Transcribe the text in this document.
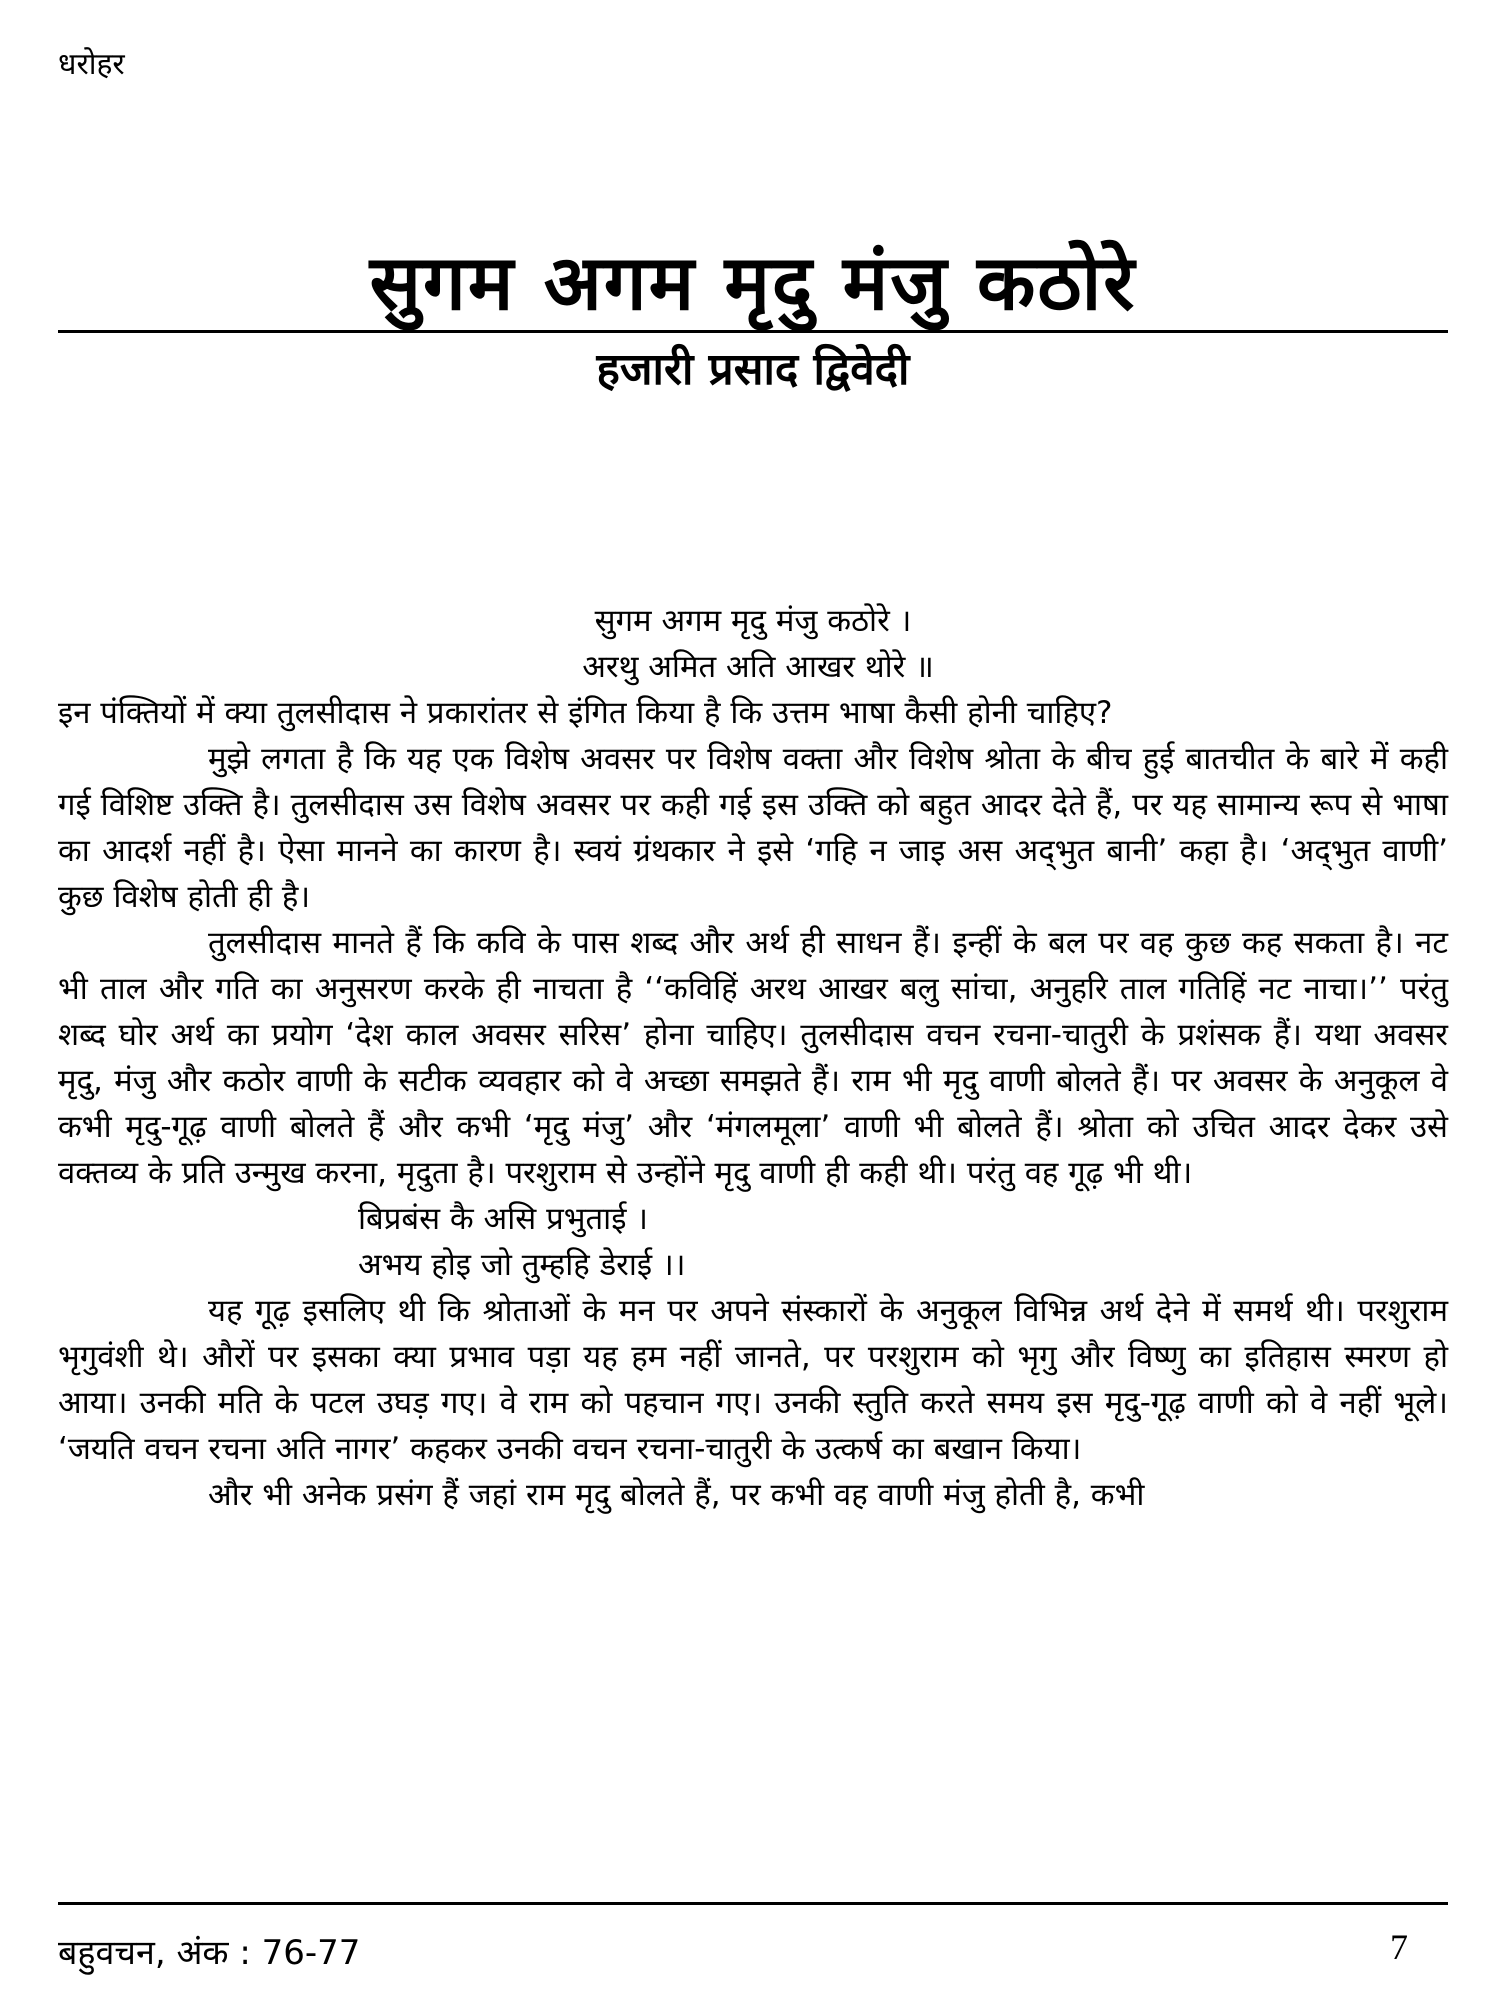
धरोहर
सुगम अगम मृदु मंजु कठोरे
हजारी प्रसाद द्विवेदी
सुगम अगम मृदु मंजु कठोरे ।
अरथु अमित अति आखर थोरे ॥

इन पंक्तियों में क्या तुलसीदास ने प्रकारांतर से इंगित किया है कि उत्तम भाषा कैसी होनी चाहिए?

मुझे लगता है कि यह एक विशेष अवसर पर विशेष वक्ता और विशेष श्रोता के बीच हुई बातचीत के बारे में कही गई विशिष्ट उक्ति है। तुलसीदास उस विशेष अवसर पर कही गई इस उक्ति को बहुत आदर देते हैं, पर यह सामान्य रूप से भाषा का आदर्श नहीं है। ऐसा मानने का कारण है। स्वयं ग्रंथकार ने इसे ‘गहि न जाइ अस अद्‌भुत बानी’ कहा है। ‘अद्‌भुत वाणी’ कुछ विशेष होती ही है।

तुलसीदास मानते हैं कि कवि के पास शब्द और अर्थ ही साधन हैं। इन्हीं के बल पर वह कुछ कह सकता है। नट भी ताल और गति का अनुसरण करके ही नाचता है ‘‘कविहिं अरथ आखर बलु सांचा, अनुहरि ताल गतिहिं नट नाचा।’’ परंतु शब्द घोर अर्थ का प्रयोग ‘देश काल अवसर सरिस’ होना चाहिए। तुलसीदास वचन रचना-चातुरी के प्रशंसक हैं। यथा अवसर मृदु, मंजु और कठोर वाणी के सटीक व्यवहार को वे अच्छा समझते हैं। राम भी मृदु वाणी बोलते हैं। पर अवसर के अनुकूल वे कभी मृदु-गूढ़ वाणी बोलते हैं और कभी ‘मृदु मंजु’ और ‘मंगलमूला’ वाणी भी बोलते हैं। श्रोता को उचित आदर देकर उसे वक्तव्य के प्रति उन्मुख करना, मृदुता है। परशुराम से उन्होंने मृदु वाणी ही कही थी। परंतु वह गूढ़ भी थी।

बिप्रबंस कै असि प्रभुताई ।
अभय होइ जो तुम्हहि डेराई ।।

यह गूढ़ इसलिए थी कि श्रोताओं के मन पर अपने संस्कारों के अनुकूल विभिन्न अर्थ देने में समर्थ थी। परशुराम भृगुवंशी थे। औरों पर इसका क्या प्रभाव पड़ा यह हम नहीं जानते, पर परशुराम को भृगु और विष्णु का इतिहास स्मरण हो आया। उनकी मति के पटल उघड़ गए। वे राम को पहचान गए। उनकी स्तुति करते समय इस मृदु-गूढ़ वाणी को वे नहीं भूले। ‘जयति वचन रचना अति नागर’ कहकर उनकी वचन रचना-चातुरी के उत्कर्ष का बखान किया।

और भी अनेक प्रसंग हैं जहां राम मृदु बोलते हैं, पर कभी वह वाणी मंजु होती है, कभी

बहुवचन, अंक : 76-77	7
